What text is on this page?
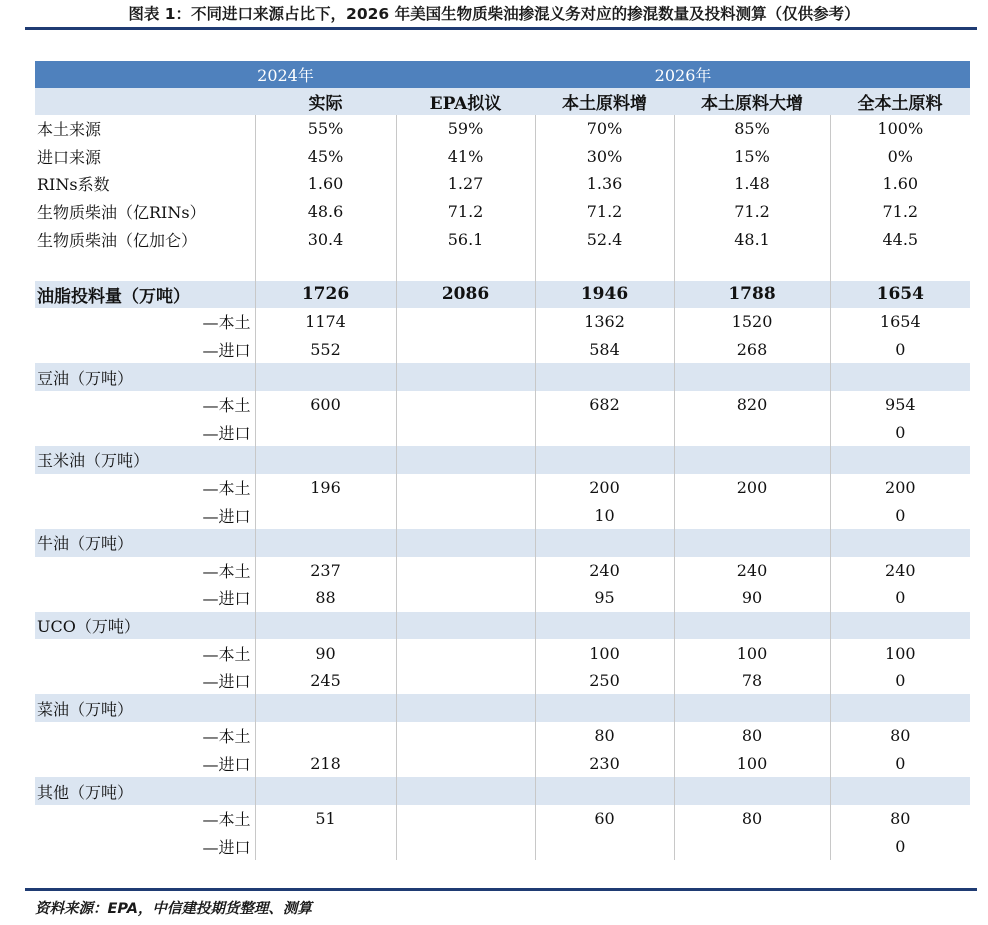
图表 1：不同进口来源占比下，2026 年美国生物质柴油掺混义务对应的掺混数量及投料测算（仅供参考）
2024年		2026年			
	实际	EPA拟议	本土原料增	本土原料大增	全本土原料
本土来源	55%	59%	70%	85%	100%
进口来源	45%	41%	30%	15%	0%
RINs系数	1.60	1.27	1.36	1.48	1.60
生物质柴油（亿RINs）	48.6	71.2	71.2	71.2	71.2
生物质柴油（亿加仑）	30.4	56.1	52.4	48.1	44.5

油脂投料量（万吨）	1726	2086	1946	1788	1654
—本土	1174		1362	1520	1654
—进口	552		584	268	0
豆油（万吨）					
—本土	600		682	820	954
—进口					0
玉米油（万吨）					
—本土	196		200	200	200
—进口			10		0
牛油（万吨）					
—本土	237		240	240	240
—进口	88		95	90	0
UCO（万吨）					
—本土	90		100	100	100
—进口	245		250	78	0
菜油（万吨）					
—本土			80	80	80
—进口	218		230	100	0
其他（万吨）					
—本土	51		60	80	80
—进口					0
资料来源：EPA，中信建投期货整理、测算
